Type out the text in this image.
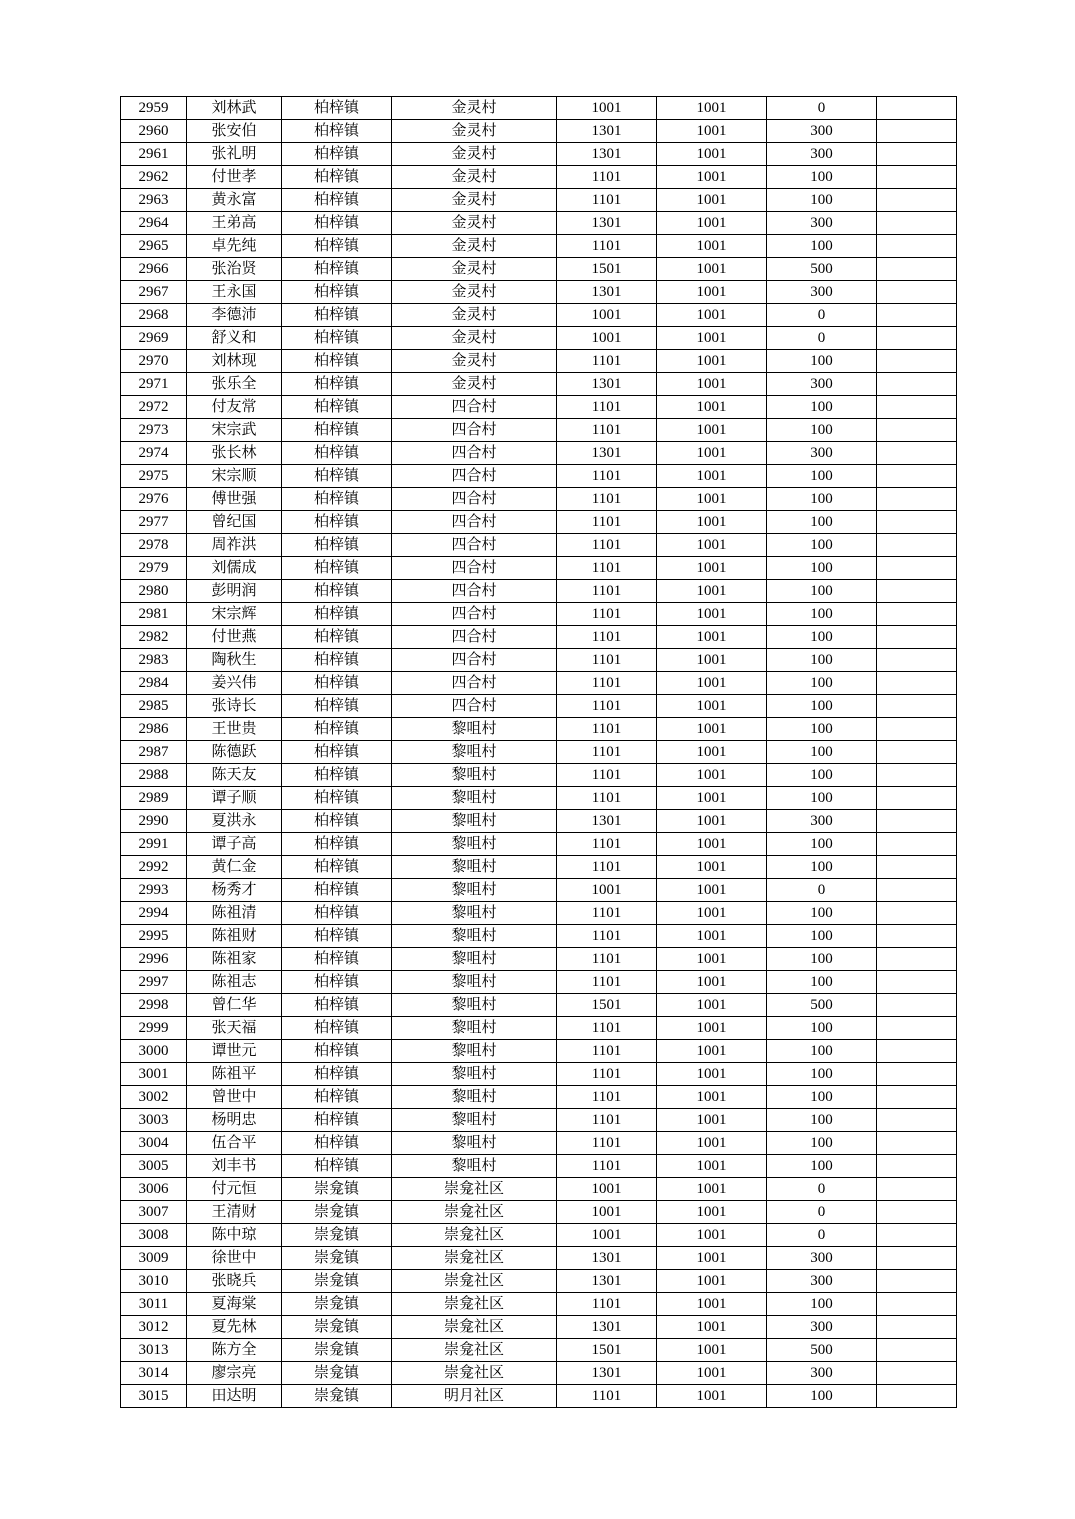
2959	刘林武	柏梓镇	金灵村	1001	1001	0	
2960	张安伯	柏梓镇	金灵村	1301	1001	300	
2961	张礼明	柏梓镇	金灵村	1301	1001	300	
2962	付世孝	柏梓镇	金灵村	1101	1001	100	
2963	黄永富	柏梓镇	金灵村	1101	1001	100	
2964	王弟高	柏梓镇	金灵村	1301	1001	300	
2965	卓先纯	柏梓镇	金灵村	1101	1001	100	
2966	张治贤	柏梓镇	金灵村	1501	1001	500	
2967	王永国	柏梓镇	金灵村	1301	1001	300	
2968	李德沛	柏梓镇	金灵村	1001	1001	0	
2969	舒义和	柏梓镇	金灵村	1001	1001	0	
2970	刘林现	柏梓镇	金灵村	1101	1001	100	
2971	张乐全	柏梓镇	金灵村	1301	1001	300	
2972	付友常	柏梓镇	四合村	1101	1001	100	
2973	宋宗武	柏梓镇	四合村	1101	1001	100	
2974	张长林	柏梓镇	四合村	1301	1001	300	
2975	宋宗顺	柏梓镇	四合村	1101	1001	100	
2976	傅世强	柏梓镇	四合村	1101	1001	100	
2977	曾纪国	柏梓镇	四合村	1101	1001	100	
2978	周祚洪	柏梓镇	四合村	1101	1001	100	
2979	刘儒成	柏梓镇	四合村	1101	1001	100	
2980	彭明润	柏梓镇	四合村	1101	1001	100	
2981	宋宗辉	柏梓镇	四合村	1101	1001	100	
2982	付世燕	柏梓镇	四合村	1101	1001	100	
2983	陶秋生	柏梓镇	四合村	1101	1001	100	
2984	姜兴伟	柏梓镇	四合村	1101	1001	100	
2985	张诗长	柏梓镇	四合村	1101	1001	100	
2986	王世贵	柏梓镇	黎咀村	1101	1001	100	
2987	陈德跃	柏梓镇	黎咀村	1101	1001	100	
2988	陈天友	柏梓镇	黎咀村	1101	1001	100	
2989	谭子顺	柏梓镇	黎咀村	1101	1001	100	
2990	夏洪永	柏梓镇	黎咀村	1301	1001	300	
2991	谭子高	柏梓镇	黎咀村	1101	1001	100	
2992	黄仁金	柏梓镇	黎咀村	1101	1001	100	
2993	杨秀才	柏梓镇	黎咀村	1001	1001	0	
2994	陈祖清	柏梓镇	黎咀村	1101	1001	100	
2995	陈祖财	柏梓镇	黎咀村	1101	1001	100	
2996	陈祖家	柏梓镇	黎咀村	1101	1001	100	
2997	陈祖志	柏梓镇	黎咀村	1101	1001	100	
2998	曾仁华	柏梓镇	黎咀村	1501	1001	500	
2999	张天福	柏梓镇	黎咀村	1101	1001	100	
3000	谭世元	柏梓镇	黎咀村	1101	1001	100	
3001	陈祖平	柏梓镇	黎咀村	1101	1001	100	
3002	曾世中	柏梓镇	黎咀村	1101	1001	100	
3003	杨明忠	柏梓镇	黎咀村	1101	1001	100	
3004	伍合平	柏梓镇	黎咀村	1101	1001	100	
3005	刘丰书	柏梓镇	黎咀村	1101	1001	100	
3006	付元恒	崇龛镇	崇龛社区	1001	1001	0	
3007	王清财	崇龛镇	崇龛社区	1001	1001	0	
3008	陈中琼	崇龛镇	崇龛社区	1001	1001	0	
3009	徐世中	崇龛镇	崇龛社区	1301	1001	300	
3010	张晓兵	崇龛镇	崇龛社区	1301	1001	300	
3011	夏海棠	崇龛镇	崇龛社区	1101	1001	100	
3012	夏先林	崇龛镇	崇龛社区	1301	1001	300	
3013	陈方全	崇龛镇	崇龛社区	1501	1001	500	
3014	廖宗亮	崇龛镇	崇龛社区	1301	1001	300	
3015	田达明	崇龛镇	明月社区	1101	1001	100	
